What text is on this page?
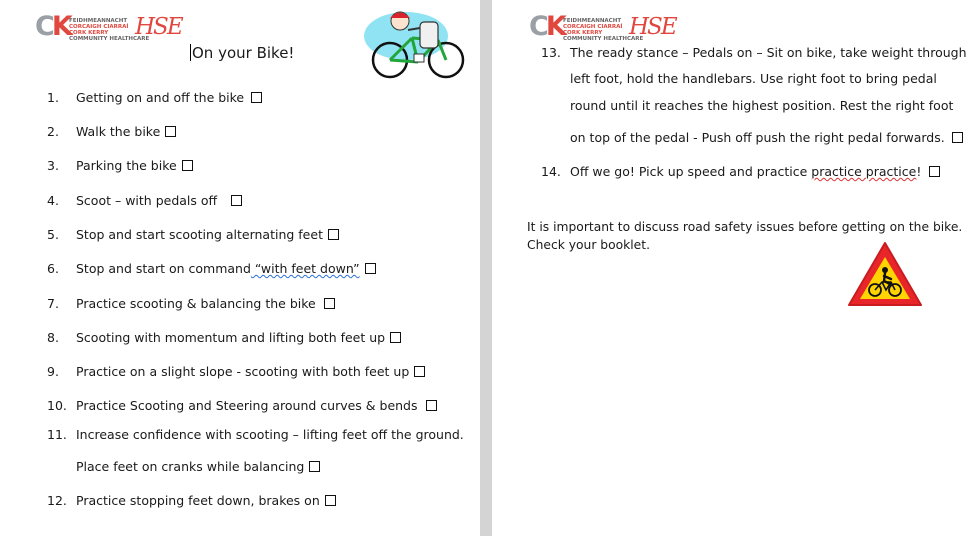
CK FEIDHMEANNACHT
CORCAIGH CIARRAÍ
CORK KERRY
COMMUNITY HEALTHCARE
HSE
On your Bike!
1. Getting on and off the bike
2. Walk the bike
3. Parking the bike
4. Scoot – with pedals off
5. Stop and start scooting alternating feet
6. Stop and start on command “with feet down”
7. Practice scooting & balancing the bike
8. Scooting with momentum and lifting both feet up
9. Practice on a slight slope - scooting with both feet up
10. Practice Scooting and Steering around curves & bends
11. Increase confidence with scooting – lifting feet off the ground.
Place feet on cranks while balancing
12. Practice stopping feet down, brakes on
CK FEIDHMEANNACHT
CORCAIGH CIARRAÍ
CORK KERRY
COMMUNITY HEALTHCARE
HSE
13. The ready stance – Pedals on – Sit on bike, take weight through
left foot, hold the handlebars. Use right foot to bring pedal
round until it reaches the highest position. Rest the right foot
on top of the pedal - Push off push the right pedal forwards.
14. Off we go! Pick up speed and practice practice practice!
It is important to discuss road safety issues before getting on the bike.
Check your booklet.
